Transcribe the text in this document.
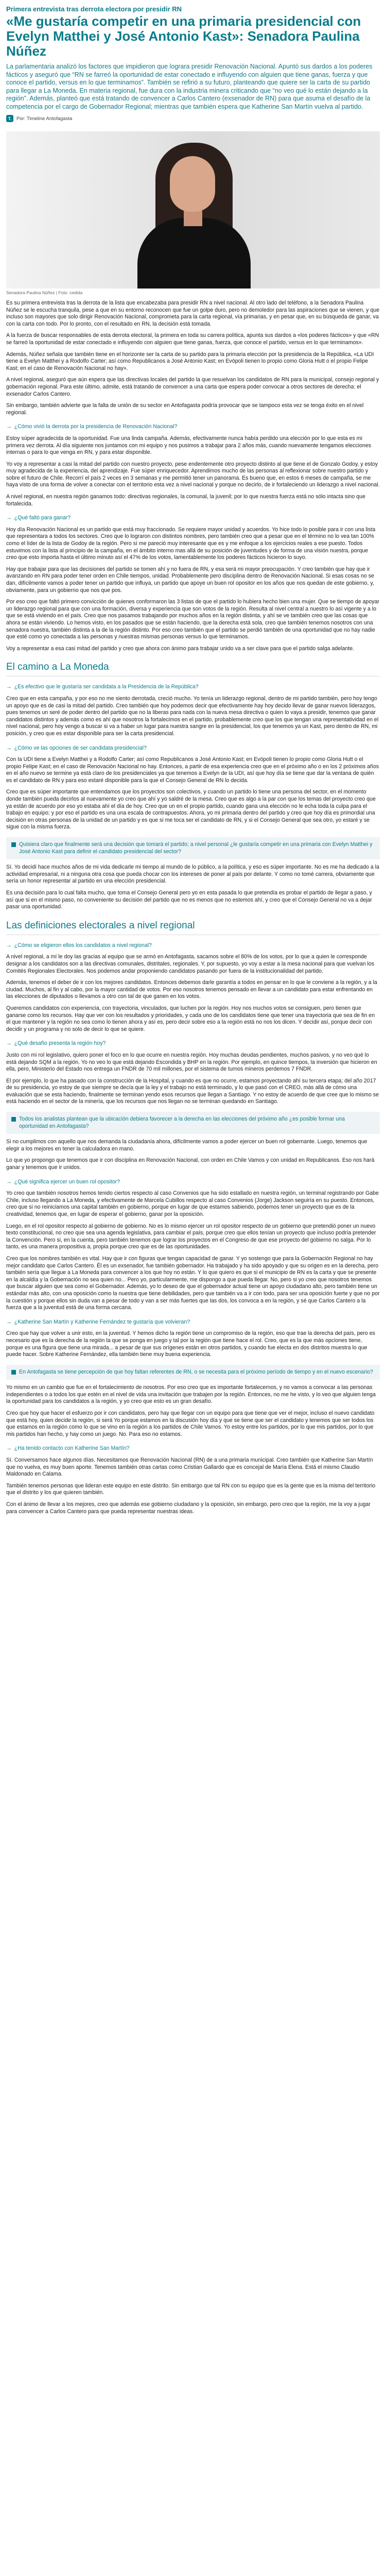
Primera entrevista tras derrota electora por presidir RN
«Me gustaría competir en una primaria presidencial con Evelyn Matthei y José Antonio Kast»: Senadora Paulina Núñez
La parlamentaria analizó los factores que impidieron que lograra presidir Renovación Nacional. Apuntó sus dardos a los poderes fácticos y aseguró que “RN se farreó la oportunidad de estar conectado e influyendo con alguien que tiene ganas, fuerza y que conoce el partido, versus en lo que terminamos”. También se refirió a su futuro, planteando que quiere ser la carta de su partido para llegar a La Moneda. En materia regional, fue dura con la industria minera criticando que “no veo qué lo están dejando a la región”. Además, planteó que está tratando de convencer a Carlos Cantero (exsenador de RN) para que asuma el desafío de la competencia por el cargo de Gobernador Regional; mientras que también espera que Katherine San Martín vuelva al partido.
T.	Por: Timeline Antofagasta
Senadora Paulina Núñez | Foto: cedida

Es su primera entrevista tras la derrota de la lista que encabezaba para presidir RN a nivel nacional. Al otro lado del teléfono, a la Senadora Paulina Núñez se le escucha tranquila, pese a que en su entorno reconocen que fue un golpe duro, pero no demoledor para las aspiraciones que se vienen, y que incluso son mayores que solo dirigir Renovación Nacional, comprometa para la carta regional, vía primarias, y en pesar que, en su búsqueda de ganar, va con la carta con todo. Por lo pronto, con el resultado en RN, la decisión está tomada.

A la fuerza de buscar responsables de esta derrota electoral, la primera en toda su carrera política, apunta sus dardos a «los poderes fácticos» y que «RN se farreó la oportunidad de estar conectado e influyendo con alguien que tiene ganas, fuerza, que conoce el partido, versus en lo que terminamos».

Además, Núñez señala que también tiene en el horizonte ser la carta de su partido para la primaria elección por la presidencia de la República, «La UDI tiene a Evelyn Matthei y a Rodolfo Carter; así como Republicanos a José Antonio Kast; en Evópoli tienen lo propio como Gloria Hutt o el propio Felipe Kast; en el caso de Renovación Nacional no hay».

A nivel regional, aseguró que aún espera que las directivas locales del partido la que resuelvan los candidatos de RN para la municipal, consejo regional y gobernación regional. Para este último, admite, está tratando de convencer a una carta que espera poder convocar a otros sectores de derecha: el exsenador Carlos Cantero.

Sin embargo, también advierte que la falta de unión de su sector en Antofagasta podría provocar que se tampoco esta vez se tenga éxito en el nivel regional.

→ ¿Cómo vivió la derrota por la presidencia de Renovación Nacional?

Estoy súper agradecida de la oportunidad. Fue una linda campaña. Además, efectivamente nunca había perdido una elección por lo que esta es mi primera vez derrota. Al día siguiente nos juntamos con mi equipo y nos pusimos a trabajar para 2 años más, cuando nuevamente tengamos elecciones internas o para lo que venga en RN, y para estar disponible.

Yo voy a representar a casi la mitad del partido con nuestro proyecto, pese endentemente otro proyecto distinto al que tiene el de Gonzalo Godoy, y estoy muy agradecida de la experiencia, del aprendizaje. Fue súper enriquecedor. Aprendimos mucho de las personas al reflexionar sobre nuestro partido y sobre el futuro de Chile. Recorrí el país 2 veces en 3 semanas y me permitió tener un panorama. Es bueno que, en estos 6 meses de campaña, se me haya visto de una forma de volver a conectar con el territorio esta vez a nivel nacional y porque no decirlo, de ir fortaleciendo un liderazgo a nivel nacional.

A nivel regional, en nuestra región ganamos todo: directivas regionales, la comunal, la juvenil; por lo que nuestra fuerza está no sólo intacta sino que fortalecida.

→ ¿Qué faltó para ganar?

Hoy día Renovación Nacional es un partido que está muy fraccionado. Se requiere mayor unidad y acuerdos. Yo hice todo lo posible para ir con una lista que representara a todos los sectores. Creo que lo lograron con distintos nombres, pero también creo que a pesar que en el término no lo vea tan 100% como el líder de la lista de Godoy de la región. Pero sí me pareció muy interesante que es y me enfoque a los ejercicios reales a ese puesto. Todos estuvimos con la lista al principio de la campaña, en el ámbito interno mas allá de su posición de juventudes y de forma de una visión nuestra, porque creo que esto importa hasta el último minuto así el 47% de los votos, lamentablemente los poderes fácticos hicieron lo suyo.

Hay que trabajar para que las decisiones del partido se tomen ahí y no fuera de RN, y esa será mi mayor preocupación. Y creo también que hay que ir avanzando en RN para poder tener orden en Chile tiempos, unidad. Probablemente pero disciplina dentro de Renovación Nacional. Si esas cosas no se dan, difícilmente vamos a poder tener un partido que influya, un partido que apoye un buen rol opositor en los años que nos quedan de este gobierno, y, obviamente, para un gobierno que nos que pos.

Por eso creo que faltó primero convicción de quienes conformaron las 3 listas de que el partido lo hubiera hecho bien una mujer. Que se tiempo de apoyar un liderazgo regional para que con una formación, diversa y experiencia que son votos de la región. Resulta al nivel central a nuestro lo así vigente y a lo que se está viviendo en el país. Creo que nos pasamos trabajando por muchos años en la región distinta, y ahí se ve también creo que las cosas que ahora se están viviendo. Lo hemos visto, en los pasados que se están haciendo, que la derecha está sola, creo que también tenemos nosotros con una senadora nuestra, también distinta a la de la región distinto. Por eso creo también que el partido se perdió también de una oportunidad que no hay nadie que esté como yo conectada a las personas y nuestras mismas personas versus lo que terminamos.

Voy a representar a esa casi mitad del partido y creo que ahora con ánimo para trabajar unido va a ser clave para que el partido salga adelante.

El camino a La Moneda
→ ¿Es efectivo que le gustaría ser candidata a la Presidencia de la República?

Creo que en esta campaña, y por eso no me siento derrotada, creció mucho. Yo tenía un liderazgo regional, dentro de mi partido también, pero hoy tengo un apoyo que es de casi la mitad del partido. Creo también que hoy podemos decir que efectivamente hay hoy decido llevar de ganar nuevos liderazgos, pues tenemos un seré de poder dentro del partido que no la liberas para nada con la nueva mesa directiva o quien lo vaya a presidir, tenemos que ganar candidatos distintos y además como es ahí que nosotros la fortalecimos en el partido, probablemente creo que los que tengan una representatividad en el nivel nacional, pero hoy vengo a buscar si va a haber un lugar para nuestra sangre en la presidencial, los que tenemos ya un Kast, pero dentro de RN, mi posición, y creo que es estar disponible para ser la carta presidencial.

→ ¿Cómo ve las opciones de ser candidata presidencial?

Con la UDI tiene a Evelyn Matthei y a Rodolfo Carter; así como Republicanos a José Antonio Kast; en Evópoli tienen lo propio como Gloria Hutt o el propio Felipe Kast; en el caso de Renovación Nacional no hay. Entonces, a partir de esa experiencia creo que en el próximo año o en los 2 próximos años en el año nuevo se termine ya está claro de los presidenciales ya que tenemos a Evelyn de la UDI, así que hoy día se tiene que dar la ventana de quién es el candidato de RN y para eso estaré disponible para la que el Consejo General de RN lo decida.

Creo que es súper importante que entendamos que los proyectos son colectivos, y cuando un partido lo tiene una persona del sector, en el momento donde también pueda decirlos al nuevamente yo creo que ahí y yo saldré de la mesa. Creo que es algo a la par con que los temas del proyecto creo que ya están de acuerdo por eso yo estaba ahí el día de hoy. Creo que un en el propio partido, cuando gana una elección no le echa toda la culpa para el trabajo en equipo; y por eso el partido es una una escala de contrapuestos. Ahora, yo mi primaria dentro del partido y creo que hoy día es primordial una decisión en otras personas de la unidad de un partido y es que si me toca ser el candidato de RN, y si el Consejo General que sea otro, yo estaré y se sigue con la misma fuerza.

Quisiera claro que finalmente será una decisión que tomará el partido; a nivel personal ¿le gustaría competir en una primaria con Evelyn Matthei y José Antonio Kast para definir el candidato presidencial del sector?

Sí. Yo decidí hace muchos años de mi vida dedicarle mi tiempo al mundo de lo público, a la política, y eso es súper importante. No es me ha dedicado a la actividad empresarial, ni a ninguna otra cosa que pueda chocar con los intereses de poner al país por delante. Y como no tomé carrera, obviamente que sería un honor representar al partido en una elección presidencial.

Es una decisión para lo cual falta mucho, que toma el Consejo General pero yo en esta pasada lo que pretendía es probar el partido de llegar a paso, y así que si en el mismo paso, no conveniente su decisión del partido que no es menos que no estemos ahí, y creo que el Consejo General no va a dejar pasar una oportunidad.

Las definiciones electorales a nivel regional
→ ¿Cómo se eligieron ellos los candidatos a nivel regional?

A nivel regional, a mí le doy las gracias al equipo que se armó en Antofagasta, sacamos sobre el 80% de los votos, por lo que a quien le corresponde designar a los candidatos son a las directivas comunales, distritales, regionales. Y, por supuesto, yo voy a estar a la mesa nacional para que vuelvan los Comités Regionales Electorales. Nos podemos andar proponiendo candidatos pasando por fuera de la institucionalidad del partido.

Además, tenemos el deber de ir con los mejores candidatos. Entonces debemos darle garantía a todos en pensar en lo que le conviene a la región, y a la ciudad. Muchos, al fin y al cabo, por la mayor cantidad de votos. Por eso nosotros tenemos pensado en llevar a un candidato para estar enfrentando en las elecciones de diputados o llevamos a otro con tal de que ganen en los votos.

Queremos candidatos con experiencia, con trayectoria, vinculados, que luchen por la región. Hoy nos muchos votos se consiguen, pero tienen que ganarse como los recursos. Hay que ver con los resultados y prioridades, y cada uno de los candidatos tiene que tener una trayectoria que sea de fin en el que mantener y la región no sea como lo tienen ahora y así es, pero decir sobre eso a la región está no nos los dicen. Y decidir así, porque decir con decidir y un programa y no solo de decir lo que se quiere.

→ ¿Qué desafío presenta la región hoy?

Justo con mi rol legislativo, quiero poner el foco en lo que ocurre en nuestra región. Hoy muchas deudas pendientes, muchos pasivos, y no veo qué lo está dejando SQM a la región. Yo no veo lo que está dejando Escondida y BHP en la región. Por ejemplo, en quince tiempos, la inversión que hicieron en ella, pero, Ministerio del Estado nos entrega un FNDR de 70 mil millones, por el sistema de turnos mineros perdemos 7 FNDR.

El por ejemplo, lo que ha pasado con la construcción de la Hospital, y cuando es que no ocurre, estamos proyectando ahí su tercera etapa; del año 2017 de su presidencia, yo estoy de que siempre se decía que la ley y el trabajo no está terminado, y lo que pasó con el CREO, más allá de cómo una evaluación que se esta haciendo, finalmente se terminan yendo esos recursos que llegan a Santiago. Y no estoy de acuerdo de que cree que lo mismo se está haciendo en el sector de la minería, que los recursos que nos llegan no se terminan quedando en Santiago.

Todos los analistas plantean que la ubicación debiera favorecer a la derecha en las elecciones del próximo año ¿es posible formar una oportunidad en Antofagasta?

Si no cumplimos con aquello que nos demanda la ciudadanía ahora, difícilmente vamos a poder ejercer un buen rol gobernante. Luego, tenemos que elegir a los mejores en tener la calculadora en mano.

Lo que yo propongo que tenemos que ir con disciplina en Renovación Nacional, con orden en Chile Vamos y con unidad en Republicanos. Eso nos hará ganar y tenemos que ir unidos.

→ ¿Qué significa ejercer un buen rol opositor?

Yo creo que también nosotros hemos tenido ciertos respecto al caso Convenios que ha sido estallado en nuestra región, un terminal registrando por Gabe Chile, incluso llegando a La Moneda, y efectivamente de Marcela Cubillos respecto al caso Convenios (Jorge) Jackson seguiría en su puesto. Entonces, creo que si no reiniciamos una capital también en gobierno, porque en lugar de que estamos sabiendo, podemos tener un proyecto que es de la creatividad, tenemos que, en lugar de esperar el gobierno, ganar por la oposición.

Luego, en el rol opositor respecto al gobierno de gobierno. No es lo mismo ejercer un rol opositor respecto de un gobierno que pretendió poner un nuevo texto constitucional, no creo que sea una agenda legislativa, para cambiar el país, porque creo que ellos tenían un proyecto que incluso podría pretender la Convención. Pero si, en la cuenta, pero también tenemos que lograr los proyectos en el Congreso de que ese proyecto del gobierno no salga. Por lo tanto, es una manera propositiva a, propia porque creo que es de las oportunidades.

Creo que los nombres también es vital. Hay que ir con figuras que tengan capacidad de ganar. Y yo sostengo que para la Gobernación Regional no hay mejor candidato que Carlos Cantero. Él es un exsenador, fue también gobernador. Ha trabajado y ha sido apoyado y que su origen es en la derecha, pero también sería que llegue a La Moneda para convencer a los que hoy no están. Y lo que quiero es que si el municipio de RN es la carta y que se presente en la alcaldía y la Gobernación no sea quien no... Pero yo, particularmente, me dispongo a que pueda llegar. No, pero si yo creo que nosotros tenemos que buscar alguien que sea como el Gobernador. Además, yo lo deseo de que el gobernador actual tiene un apoyo ciudadano alto, pero también tiene un estándar más alto, con una oposición como la nuestra que tiene debilidades, pero que también va a ir con todo, para ser una oposición fuerte y que no por la cuestión y porque ellos sin duda van a pesar de todo y van a ser más fuertes que las dos, los convoca a en la región, y sé que Carlos Cantero a la fuerza que a la juventud está de una forma cercana.

→ ¿Katherine San Martín y Katherine Fernández te gustaría que volvieran?

Creo que hay que volver a unir esto, en la juventud. Y hemos dicho la región tiene un compromiso de la región, eso que trae la derecha del país, pero es necesario que es la derecha de la región la que se ponga en juego y tal por la región que tiene hace el rol. Creo, que es la que más opciones tiene, porque es una figura que tiene una mirada... a pesar de que sus orígenes están en otros partidos, y cuando fue electa en dos distritos muestra lo que puede hacer. Sobre Katherine Fernández, ella también tiene muy buena experiencia.

En Antofagasta se tiene percepción de que hoy faltan referentes de RN, o se necesita para el próximo período de tiempo y en el nuevo escenario?

Yo mismo en un cambio que fue en el fortalecimiento de nosotros. Por eso creo que es importante fortalecernos, y no vamos a convocar a las personas independientes o a todos los que estén en el nivel de vida una invitación que trabajen por la región. Entonces, no me he visto, y lo veo que alguien tenga la oportunidad para los candidatos a la región, y yo creo que esto es un gran desafío.

Creo que hoy que hacer el esfuerzo por ir con candidatos, pero hay que llegar con un equipo para que tiene que ver el mejor, incluso el nuevo candidato que está hoy, quien decide la región, si será Yo porque estamos en la discusión hoy día y que se tiene que ser el candidato y tenemos que ser todos los que estamos en la región como lo que se vino en la región a los partidos de Chile Vamos. Yo estoy entre los partidos, por lo que mis partidos, por lo que mis partidos han hecho, y hay como un juego. No. Para eso no estamos.

→ ¿Ha tenido contacto con Katherine San Martín?

Sí. Conversamos hace algunos días. Necesitamos que Renovación Nacional (RN) de a una primaria municipal. Creo también que Katherine San Martín que no vuelva, es muy buen aporte. Tenemos también otras cartas como Cristian Gallardo que es concejal de María Elena. Está el mismo Claudio Maldonado en Calama.

También tenemos personas que lideran este equipo en este distrito. Sin embargo que tal RN con su equipo que es la gente que es la misma del territorio que el distrito y los que quieren también.

Con el ánimo de llevar a los mejores, creo que además ese gobierno ciudadano y la oposición, sin embargo, pero creo que la región, me la voy a jugar para convencer a Carlos Cantero para que pueda representar nuestras ideas.
